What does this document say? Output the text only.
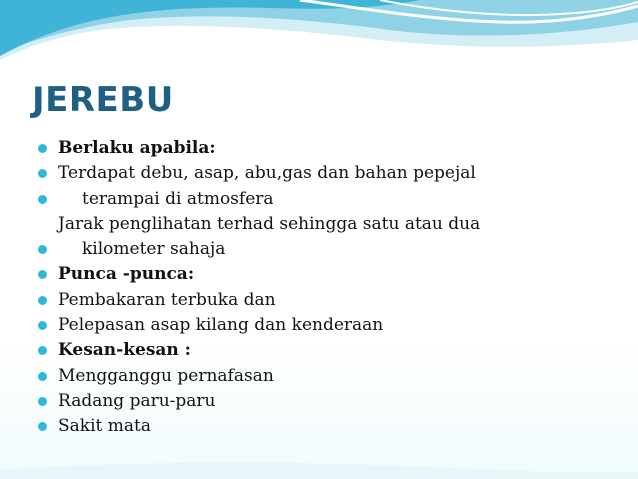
JEREBU
Berlaku apabila:
Terdapat debu, asap, abu,gas dan bahan pepejal
terampai di atmosfera
Jarak penglihatan terhad sehingga satu atau dua
kilometer sahaja
Punca -punca:
Pembakaran terbuka dan
Pelepasan asap kilang dan kenderaan
Kesan-kesan :
Mengganggu pernafasan
Radang paru-paru
Sakit mata
